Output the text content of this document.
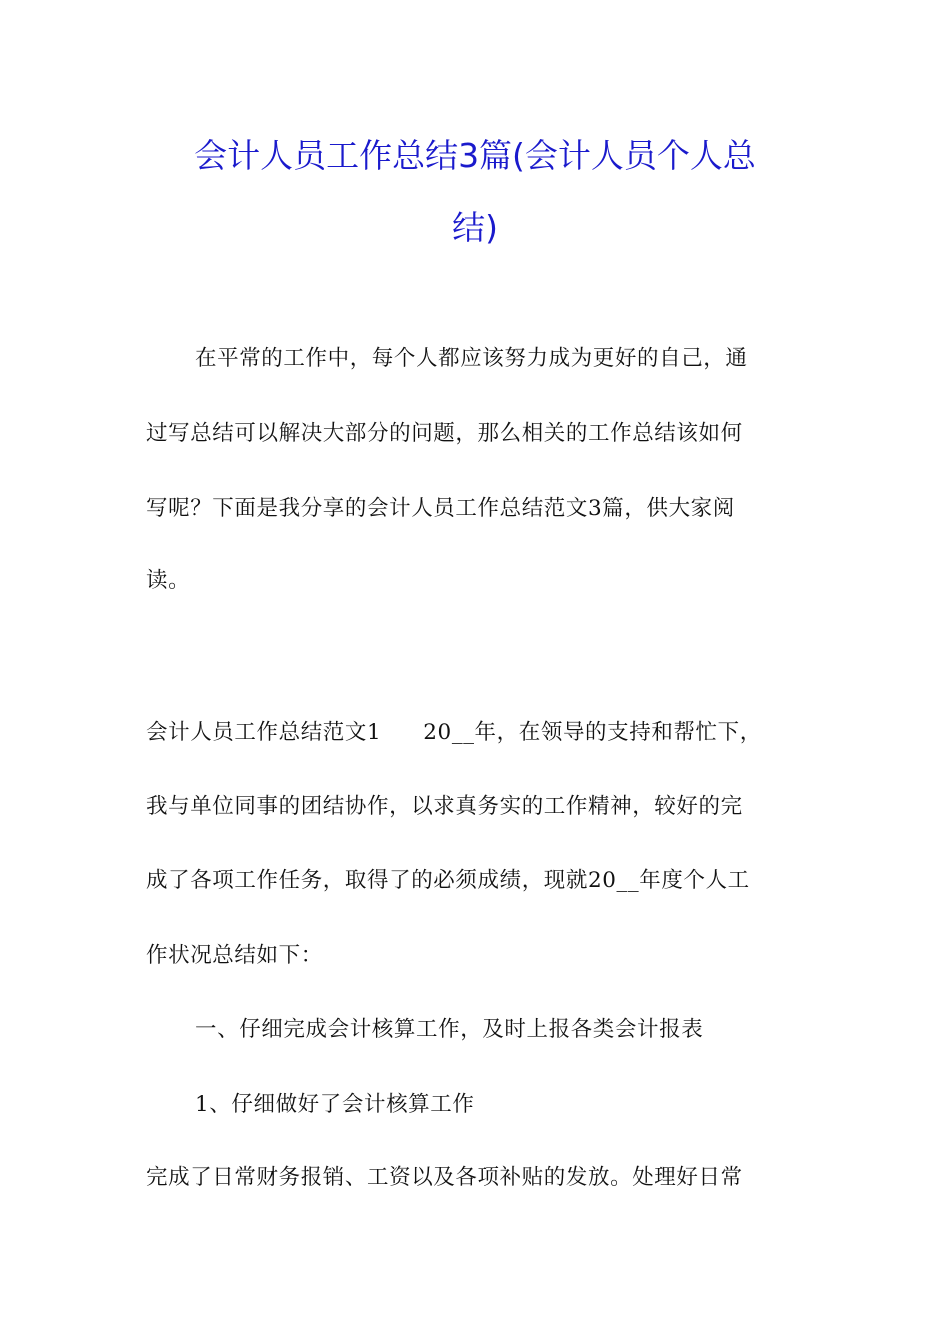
会计人员工作总结3篇(会计人员个人总
结)
在平常的工作中，每个人都应该努力成为更好的自己，通
过写总结可以解决大部分的问题，那么相关的工作总结该如何
写呢？下面是我分享的会计人员工作总结范文3篇，供大家阅
读。
会计人员工作总结范文1 20__年，在领导的支持和帮忙下，
我与单位同事的团结协作，以求真务实的工作精神，较好的完
成了各项工作任务，取得了的必须成绩，现就20__年度个人工
作状况总结如下：
一、仔细完成会计核算工作，及时上报各类会计报表
1、仔细做好了会计核算工作
完成了日常财务报销、工资以及各项补贴的发放。处理好日常
